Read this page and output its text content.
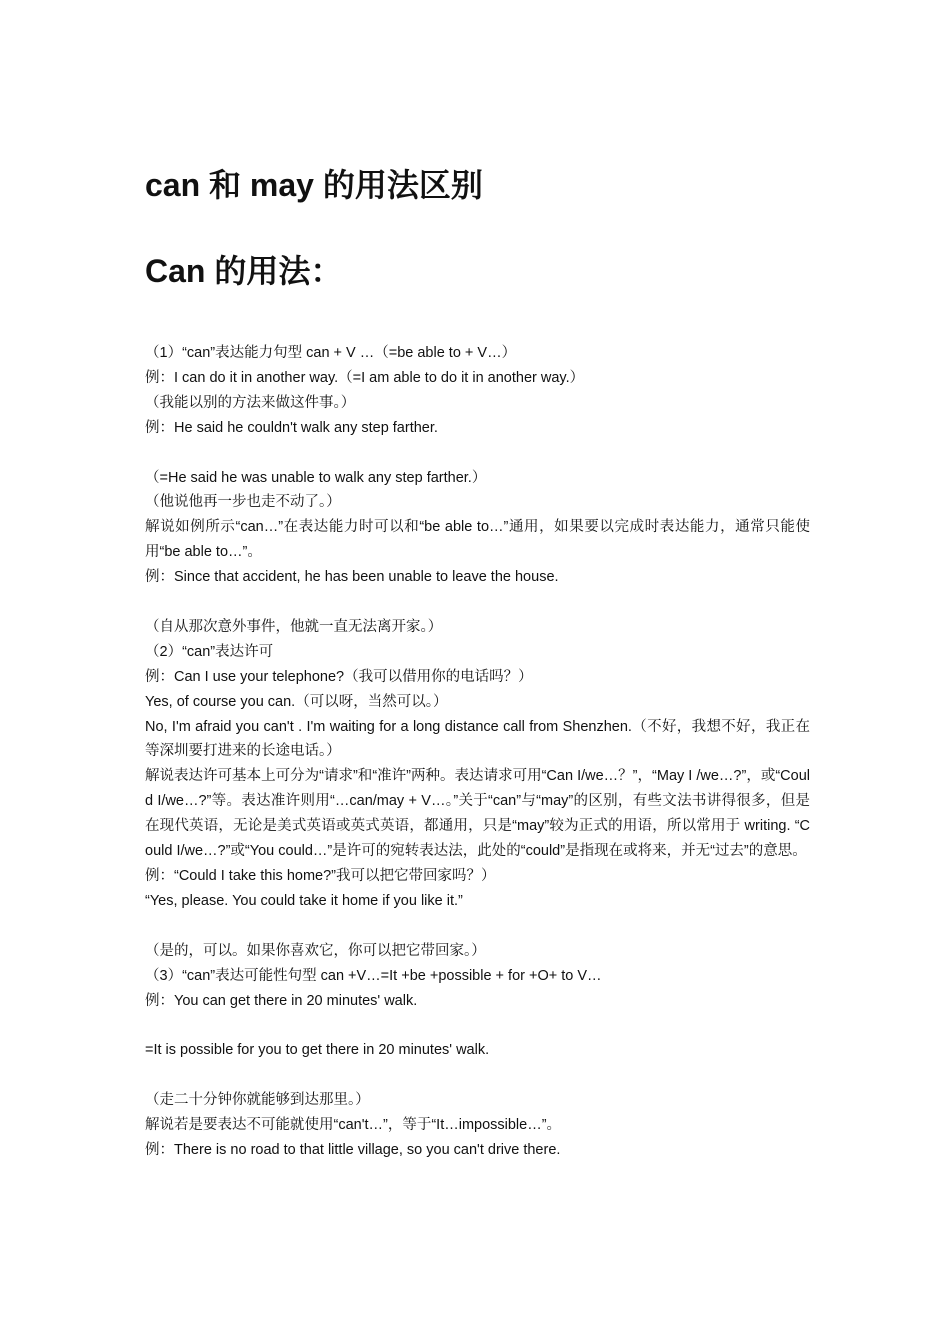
can 和 may 的用法区别
Can 的用法：
（1）“can”表达能力句型 can + V …（=be able to + V…）
例：I can do it in another way.（=I am able to do it in another way.）
（我能以别的方法来做这件事。）
例：He said he couldn't walk any step farther.
（=He said he was unable to walk any step farther.）
（他说他再一步也走不动了。）
解说如例所示“can…”在表达能力时可以和“be able to…”通用，如果要以完成时表达能力，通常只能使用“be able to…”。
例：Since that accident, he has been unable to leave the house.
（自从那次意外事件，他就一直无法离开家。）
（2）“can”表达许可
例：Can I use your telephone?（我可以借用你的电话吗？）
Yes, of course you can.（可以呀，当然可以。）
No, I'm afraid you can't . I'm waiting for a long distance call from Shenzhen.（不好，我想不好，我正在等深圳要打进来的长途电话。）
解说表达许可基本上可分为“请求”和“准许”两种。表达请求可用“Can I/we…？”，“May I /we…?”，或“Could I/we…?”等。表达准许则用“…can/may + V…。”关于“can”与“may”的区别，有些文法书讲得很多，但是在现代英语，无论是美式英语或英式英语，都通用，只是“may”较为正式的用语，所以常用于 writing. “Could I/we…?”或“You could…”是许可的宛转表达法，此处的“could”是指现在或将来，并无“过去”的意思。
例：“Could I take this home?”我可以把它带回家吗？）
“Yes, please. You could take it home if you like it.”
（是的，可以。如果你喜欢它，你可以把它带回家。）
（3）“can”表达可能性句型 can +V…=It +be +possible + for +O+ to V…
例：You can get there in 20 minutes' walk.
=It is possible for you to get there in 20 minutes' walk.
（走二十分钟你就能够到达那里。）
解说若是要表达不可能就使用“can't…”，等于“It…impossible…”。
例：There is no road to that little village, so you can't drive there.
